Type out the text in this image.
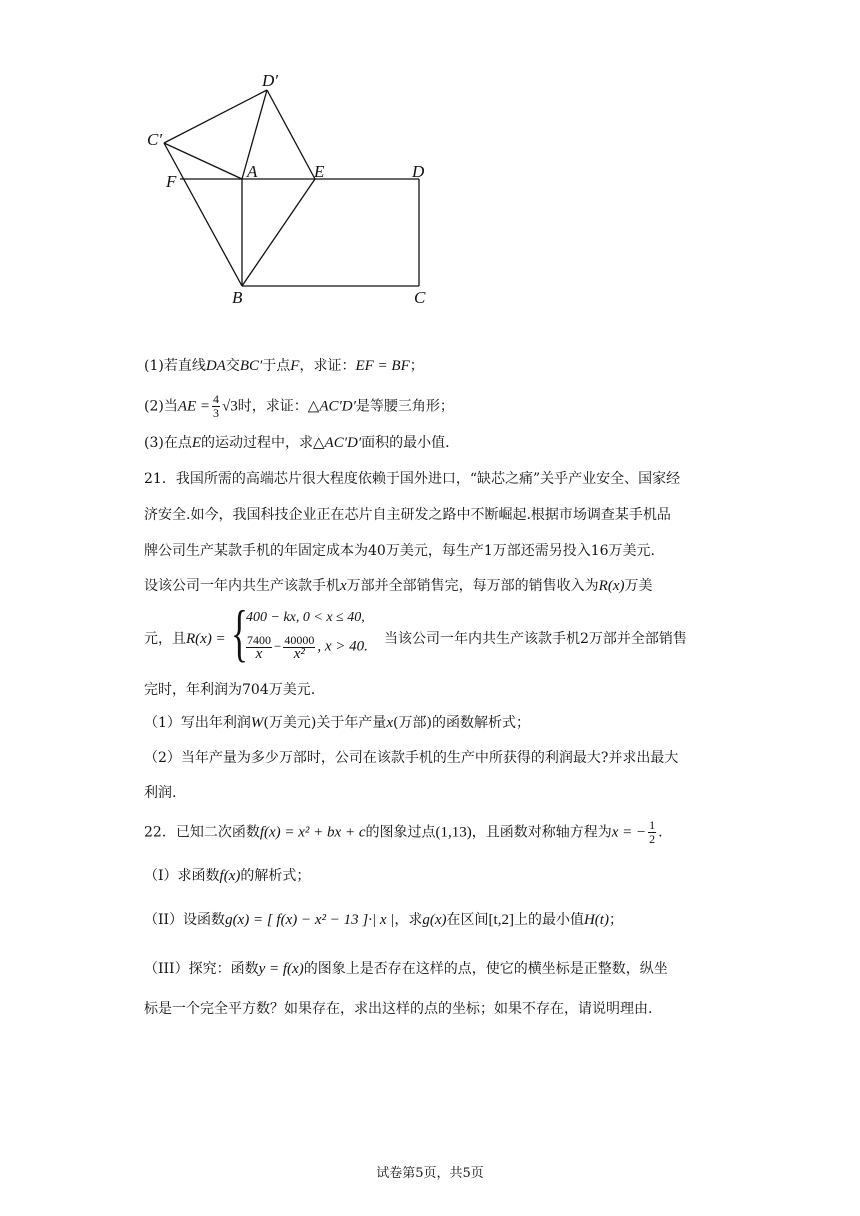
D′
C′
A	E	D
F
B	C
(1)若直线DA交BC′于点F，求证：EF = BF；
(2)当AE = $\frac{4}{3} √3$时，求证：△AC′D′是等腰三角形；
(3)在点E的运动过程中，求△AC′D′面积的最小值.
21．我国所需的高端芯片很大程度依赖于国外进口，“缺芯之痛”关乎产业安全、国家经
济安全.如今，我国科技企业正在芯片自主研发之路中不断崛起.根据市场调查某手机品
牌公司生产某款手机的年固定成本为40万美元，每生产1万部还需另投入16万美元.
设该公司一年内共生产该款手机x万部并全部销售完，每万部的销售收入为R(x)万美
元，且R(x) = {
400 − kx, 0 < x ≤ 40,
$\frac{7400}{x} - \frac{40000}{\text{x²}}$ , x > 40. 当该公司一年内共生产该款手机2万部并全部销售
完时，年利润为704万美元.
（1）写出年利润W(万美元)关于年产量x(万部)的函数解析式；
（2）当年产量为多少万部时，公司在该款手机的生产中所获得的利润最大?并求出最大
利润.
22．已知二次函数f(x) = x² + bx + c的图象过点(1,13)，且函数对称轴方程为x = − $\frac{1}{2}$ .
（I）求函数f(x)的解析式；
（II）设函数g(x) = [ f(x) − x² − 13 ]·| x |，求g(x)在区间[t,2]上的最小值H(t)；
（III）探究：函数y = f(x)的图象上是否存在这样的点，使它的横坐标是正整数，纵坐
标是一个完全平方数？如果存在，求出这样的点的坐标；如果不存在，请说明理由.
试卷第5页，共5页
